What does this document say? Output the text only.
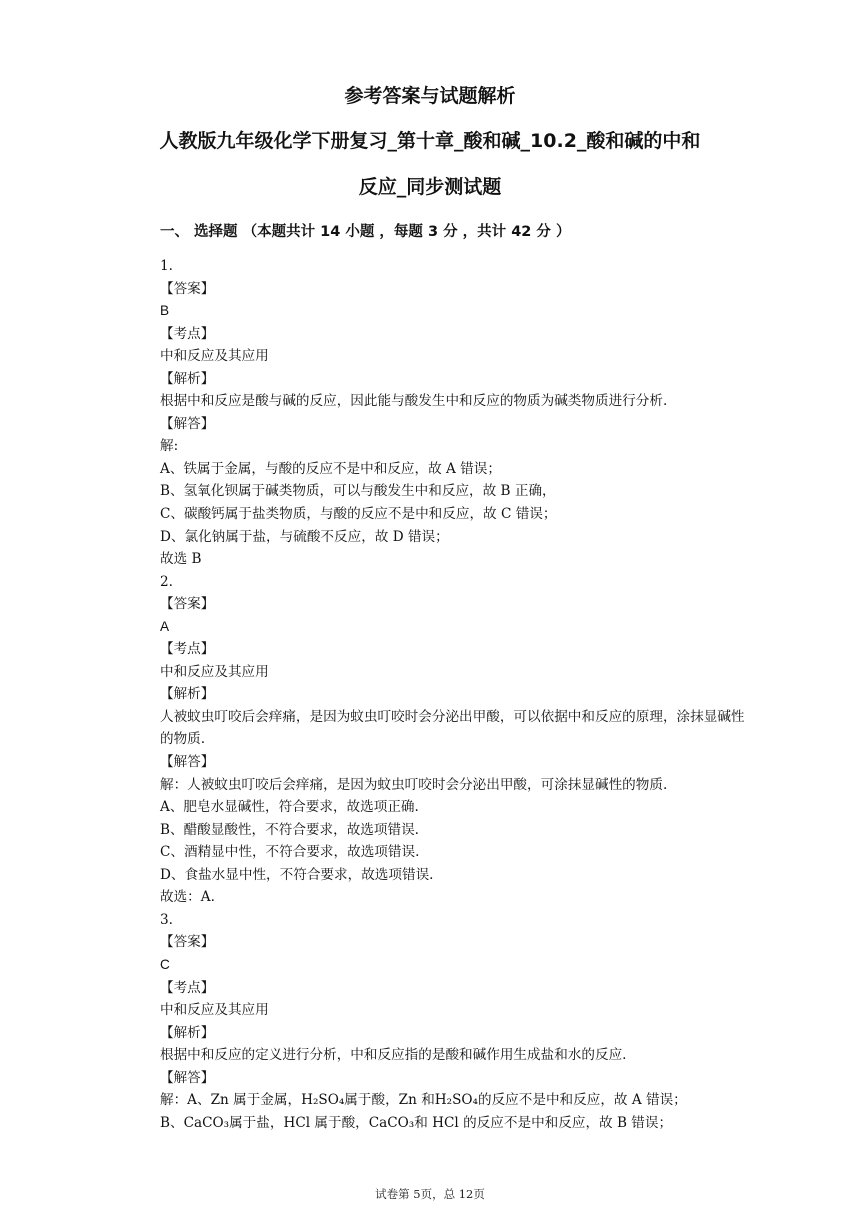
参考答案与试题解析
人教版九年级化学下册复习_第十章_酸和碱_10.2_酸和碱的中和
反应_同步测试题
一、 选择题 （本题共计 14 小题 ，每题 3 分 ，共计 42 分 ）
1.
【答案】
B
【考点】
中和反应及其应用
【解析】
根据中和反应是酸与碱的反应，因此能与酸发生中和反应的物质为碱类物质进行分析.
【解答】
解:
A、铁属于金属，与酸的反应不是中和反应，故 A 错误；
B、氢氧化钡属于碱类物质，可以与酸发生中和反应，故 B 正确，
C、碳酸钙属于盐类物质，与酸的反应不是中和反应，故 C 错误；
D、氯化钠属于盐，与硫酸不反应，故 D 错误；
故选 B
2.
【答案】
A
【考点】
中和反应及其应用
【解析】
人被蚊虫叮咬后会痒痛，是因为蚊虫叮咬时会分泌出甲酸，可以依据中和反应的原理，涂抹显碱性的物质.
【解答】
解：人被蚊虫叮咬后会痒痛，是因为蚊虫叮咬时会分泌出甲酸，可涂抹显碱性的物质.
A、肥皂水显碱性，符合要求，故选项正确.
B、醋酸显酸性，不符合要求，故选项错误.
C、酒精显中性，不符合要求，故选项错误.
D、食盐水显中性，不符合要求，故选项错误.
故选：A.
3.
【答案】
C
【考点】
中和反应及其应用
【解析】
根据中和反应的定义进行分析，中和反应指的是酸和碱作用生成盐和水的反应.
【解答】
解：A、Zn 属于金属，H₂SO₄属于酸，Zn 和H₂SO₄的反应不是中和反应，故 A 错误；
B、CaCO₃属于盐，HCl 属于酸，CaCO₃和 HCl 的反应不是中和反应，故 B 错误；
试卷第 5页，总 12页
